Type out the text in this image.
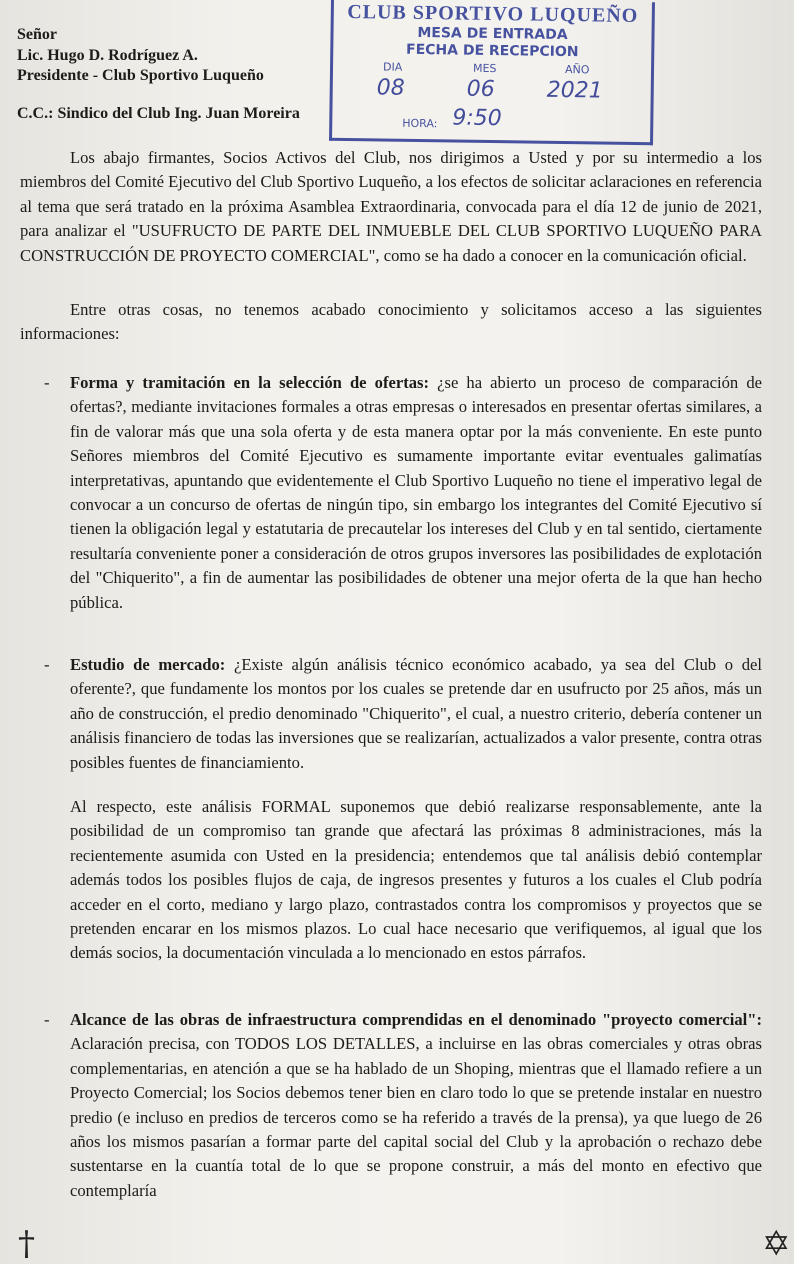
Señor
Lic. Hugo D. Rodríguez A.
Presidente - Club Sportivo Luqueño
C.C.: Sindico del Club Ing. Juan Moreira
CLUB SPORTIVO LUQUEÑO
MESA DE ENTRADA
FECHA DE RECEPCION
DIA	MES	AÑO
08	06 2021
HORA: 9:50
Los abajo firmantes, Socios Activos del Club, nos dirigimos a Usted y por su intermedio a los miembros del Comité Ejecutivo del Club Sportivo Luqueño, a los efectos de solicitar aclaraciones en referencia al tema que será tratado en la próxima Asamblea Extraordinaria, convocada para el día 12 de junio de 2021, para analizar el "USUFRUCTO DE PARTE DEL INMUEBLE DEL CLUB SPORTIVO LUQUEÑO PARA CONSTRUCCIÓN DE PROYECTO COMERCIAL", como se ha dado a conocer en la comunicación oficial.
Entre otras cosas, no tenemos acabado conocimiento y solicitamos acceso a las siguientes informaciones:
- Forma y tramitación en la selección de ofertas: ¿se ha abierto un proceso de comparación de ofertas?, mediante invitaciones formales a otras empresas o interesados en presentar ofertas similares, a fin de valorar más que una sola oferta y de esta manera optar por la más conveniente. En este punto Señores miembros del Comité Ejecutivo es sumamente importante evitar eventuales galimatías interpretativas, apuntando que evidentemente el Club Sportivo Luqueño no tiene el imperativo legal de convocar a un concurso de ofertas de ningún tipo, sin embargo los integrantes del Comité Ejecutivo sí tienen la obligación legal y estatutaria de precautelar los intereses del Club y en tal sentido, ciertamente resultaría conveniente poner a consideración de otros grupos inversores las posibilidades de explotación del "Chiquerito", a fin de aumentar las posibilidades de obtener una mejor oferta de la que han hecho pública.
- Estudio de mercado: ¿Existe algún análisis técnico económico acabado, ya sea del Club o del oferente?, que fundamente los montos por los cuales se pretende dar en usufructo por 25 años, más un año de construcción, el predio denominado "Chiquerito", el cual, a nuestro criterio, debería contener un análisis financiero de todas las inversiones que se realizarían, actualizados a valor presente, contra otras posibles fuentes de financiamiento.
Al respecto, este análisis FORMAL suponemos que debió realizarse responsablemente, ante la posibilidad de un compromiso tan grande que afectará las próximas 8 administraciones, más la recientemente asumida con Usted en la presidencia; entendemos que tal análisis debió contemplar además todos los posibles flujos de caja, de ingresos presentes y futuros a los cuales el Club podría acceder en el corto, mediano y largo plazo, contrastados contra los compromisos y proyectos que se pretenden encarar en los mismos plazos. Lo cual hace necesario que verifiquemos, al igual que los demás socios, la documentación vinculada a lo mencionado en estos párrafos.
- Alcance de las obras de infraestructura comprendidas en el denominado "proyecto comercial": Aclaración precisa, con TODOS LOS DETALLES, a incluirse en las obras comerciales y otras obras complementarias, en atención a que se ha hablado de un Shoping, mientras que el llamado refiere a un Proyecto Comercial; los Socios debemos tener bien en claro todo lo que se pretende instalar en nuestro predio (e incluso en predios de terceros como se ha referido a través de la prensa), ya que luego de 26 años los mismos pasarían a formar parte del capital social del Club y la aprobación o rechazo debe sustentarse en la cuantía total de lo que se propone construir, a más del monto en efectivo que contemplaría
†	✡
